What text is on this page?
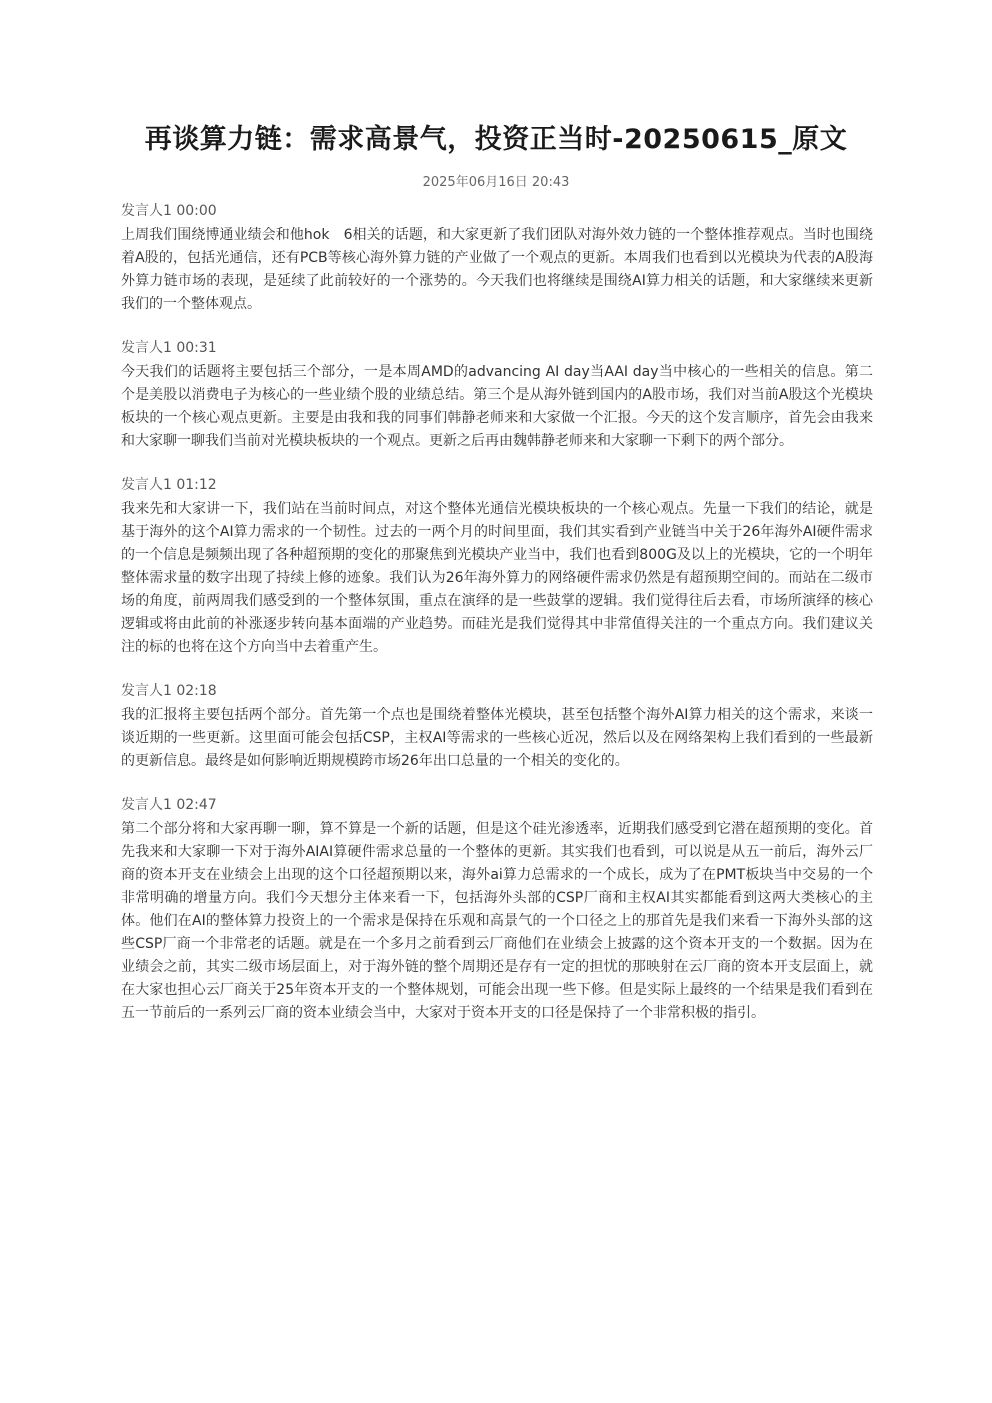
再谈算力链：需求高景气，投资正当时-20250615_原文
2025年06月16日 20:43
发言人1 00:00

上周我们围绕博通业绩会和他hok　6相关的话题，和大家更新了我们团队对海外效力链的一个整体推荐观点。当时也围绕着A股的，包括光通信，还有PCB等核心海外算力链的产业做了一个观点的更新。本周我们也看到以光模块为代表的A股海外算力链市场的表现，是延续了此前较好的一个涨势的。今天我们也将继续是围绕AI算力相关的话题，和大家继续来更新我们的一个整体观点。

发言人1 00:31

今天我们的话题将主要包括三个部分，一是本周AMD的advancing AI day当AAI day当中核心的一些相关的信息。第二个是美股以消费电子为核心的一些业绩个股的业绩总结。第三个是从海外链到国内的A股市场，我们对当前A股这个光模块板块的一个核心观点更新。主要是由我和我的同事们韩静老师来和大家做一个汇报。今天的这个发言顺序，首先会由我来和大家聊一聊我们当前对光模块板块的一个观点。更新之后再由魏韩静老师来和大家聊一下剩下的两个部分。

发言人1 01:12

我来先和大家讲一下，我们站在当前时间点，对这个整体光通信光模块板块的一个核心观点。先量一下我们的结论，就是基于海外的这个AI算力需求的一个韧性。过去的一两个月的时间里面，我们其实看到产业链当中关于26年海外AI硬件需求的一个信息是频频出现了各种超预期的变化的那聚焦到光模块产业当中，我们也看到800G及以上的光模块，它的一个明年整体需求量的数字出现了持续上修的迹象。我们认为26年海外算力的网络硬件需求仍然是有超预期空间的。而站在二级市场的角度，前两周我们感受到的一个整体氛围，重点在演绎的是一些鼓掌的逻辑。我们觉得往后去看，市场所演绎的核心逻辑或将由此前的补涨逐步转向基本面端的产业趋势。而硅光是我们觉得其中非常值得关注的一个重点方向。我们建议关注的标的也将在这个方向当中去着重产生。

发言人1 02:18

我的汇报将主要包括两个部分。首先第一个点也是围绕着整体光模块，甚至包括整个海外AI算力相关的这个需求，来谈一谈近期的一些更新。这里面可能会包括CSP，主权AI等需求的一些核心近况，然后以及在网络架构上我们看到的一些最新的更新信息。最终是如何影响近期规模跨市场26年出口总量的一个相关的变化的。

发言人1 02:47

第二个部分将和大家再聊一聊，算不算是一个新的话题，但是这个硅光渗透率，近期我们感受到它潜在超预期的变化。首先我来和大家聊一下对于海外AIAI算硬件需求总量的一个整体的更新。其实我们也看到，可以说是从五一前后，海外云厂商的资本开支在业绩会上出现的这个口径超预期以来，海外ai算力总需求的一个成长，成为了在PMT板块当中交易的一个非常明确的增量方向。我们今天想分主体来看一下，包括海外头部的CSP厂商和主权AI其实都能看到这两大类核心的主体。他们在AI的整体算力投资上的一个需求是保持在乐观和高景气的一个口径之上的那首先是我们来看一下海外头部的这些CSP厂商一个非常老的话题。就是在一个多月之前看到云厂商他们在业绩会上披露的这个资本开支的一个数据。因为在业绩会之前，其实二级市场层面上，对于海外链的整个周期还是存有一定的担忧的那映射在云厂商的资本开支层面上，就在大家也担心云厂商关于25年资本开支的一个整体规划，可能会出现一些下修。但是实际上最终的一个结果是我们看到在五一节前后的一系列云厂商的资本业绩会当中，大家对于资本开支的口径是保持了一个非常积极的指引。
